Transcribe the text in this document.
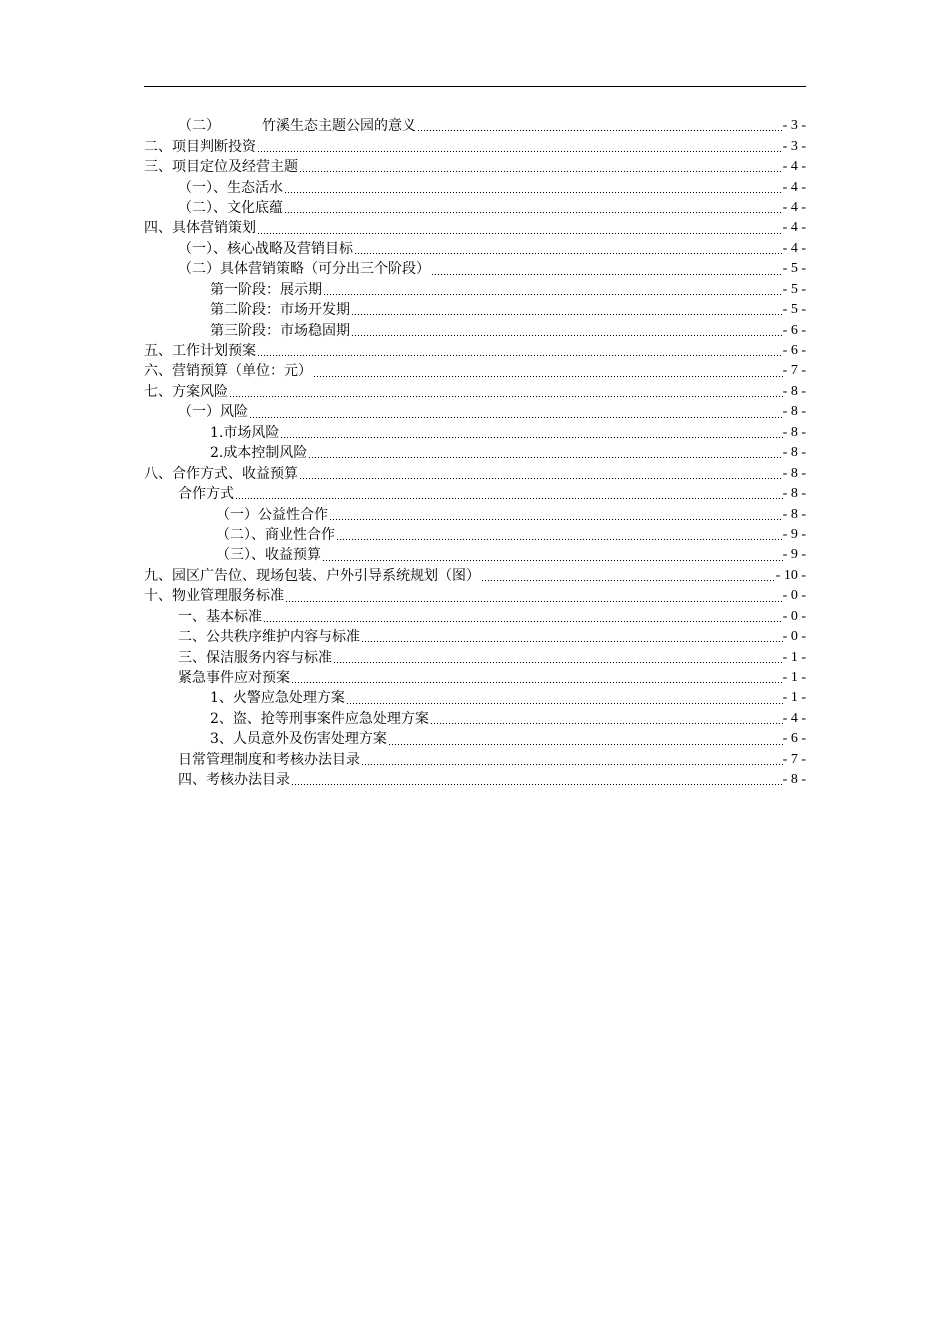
（二）	竹溪生态主题公园的意义	- 3 -
二、项目判断投资	- 3 -
三、项目定位及经营主题	- 4 -
（一）、生态活水	- 4 -
（二）、文化底蕴	- 4 -
四、具体营销策划	- 4 -
（一）、核心战略及营销目标	- 4 -
（二）具体营销策略（可分出三个阶段）	- 5 -
第一阶段：展示期	- 5 -
第二阶段：市场开发期	- 5 -
第三阶段：市场稳固期	- 6 -
五、工作计划预案	- 6 -
六、营销预算（单位：元）	- 7 -
七、方案风险	- 8 -
（一）风险	- 8 -
1.市场风险	- 8 -
2.成本控制风险	- 8 -
八、合作方式、收益预算	- 8 -
合作方式	- 8 -
（一）公益性合作	- 8 -
（二）、商业性合作	- 9 -
（三）、收益预算	- 9 -
九、园区广告位、现场包装、户外引导系统规划（图）	- 10 -
十、物业管理服务标准	- 0 -
一、基本标准	- 0 -
二、公共秩序维护内容与标准	- 0 -
三、保洁服务内容与标准	- 1 -
紧急事件应对预案	- 1 -
1、火警应急处理方案	- 1 -
2、盗、抢等刑事案件应急处理方案	- 4 -
3、人员意外及伤害处理方案	- 6 -
日常管理制度和考核办法目录	- 7 -
四、考核办法目录	- 8 -
